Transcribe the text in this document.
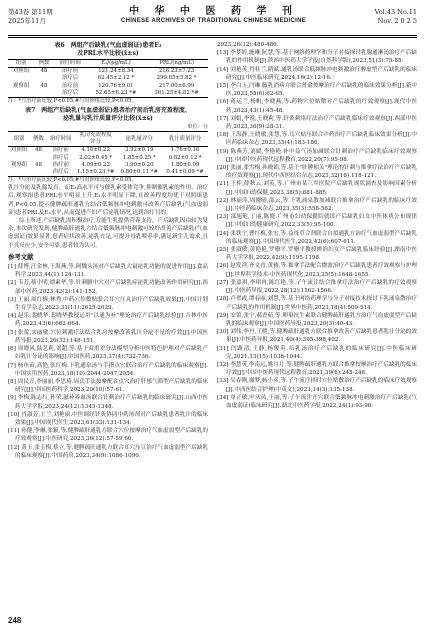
第43卷 第11期
2025年11月
中 华 中 医 药 学 刊
CHINESE ARCHIVES OF TRADITIONAL CHINESE MEDICINE
Vol.43 No.11
Nov. 2 0 2 5
表6　两组产后缺乳(气血虚弱证)患者E₂
及PRL水平比较(x̄±s)
组别	例数	治疗时间	E₂/(pg/mL)	PRL/(ng/mL)
对照组	48	治疗前	121.24±8.34	216.23±7.23
		治疗后	62.45±2.12 *	299.65±5.82 *
观察组	48	治疗前	120.76±9.01	217.00±6.99
		治疗后	52.65±6.23 *#	361.25±4.82 *#
注：*与治疗前比较,P<0.05;#与对照组比较,P<0.05。
表7　两组产后缺乳(气血虚弱证)患者治疗前后乳房充盈程度、
泌乳量与乳汁质量评分比较(x̄±s)
单位：分
组别	例数	治疗时间	乳房充盈程度评分	泌乳量评分	乳汁质量评分
对照组	48	治疗前	4.10±0.22	3.92±0.19	1.76±0.16
		治疗后	2.02±0.45 *	1.85±0.25 *	0.82±0.12 *
观察组	48	治疗前	4.09±0.23	3.90±0.20	1.80±0.09
		治疗后	1.15±0.23 *#	0.80±0.11 *#	0.41±0.09 *#
注：*与治疗前比较,P<0.05;#与对照组比较,P<0.05。

乳汁分泌及乳腺发育。而E₂高水平可与催乳素受体竞争,抑制催乳素的作用。治疗后,观察组患者PRL水平明显上升,E₂水平明显下降,且改善程度均优于对照组患者,P<0.05,提示健脾疏肝通乳方结合低频脉冲电刺激可改善产后缺乳(气血虚弱证)患者PRL及E₂水平,从而促进产妇产后泌乳情况,达到治疗目的。

综上所述,产后缺乳需积极治疗,方能生乳提供营养支持。产后缺乳因由较为复杂,本次研究发现,健脾疏肝通乳方结合低频脉冲电刺激可较好改善产后缺乳(气血虚弱证)效果显著,患者症状改善,泌乳充足,可提升母乳喂养率,满足新生儿需求,且不良反应少,安全可靠,患者较为认可。

参考文献

[1] 薛博,汪金林,王海燕,等.阿魏头汤对产后缺乳大鼠泌乳功能的促进作用[J].食品科学,2023,44(1):124-131.

[2] 韦芳,蔡小明,谭素华,等.针刺膻中穴对产后缺乳症泌乳功能改善作用研究[J].西部中医药,2023,42(2):141-152.

[3] 王丽,周红梅,林秀.中药穴位敷贴联合耳穴压丸治疗产后缺乳效果[J].中国计划生育学杂志,2023,31(11):2625-2629.

[4] 赵乐,裴晓华.裴晓华教授运用"以通为补"理论治疗产后缺乳经验[J].吉林中医药,2023,43(6):662-664.

[5] 张蕾,宋丽敏.穴位刺激疗法结合乳房按摩改善乳汁分泌不足的疗效[J].中国医药导报,2023,20(32):148-151.

[6] 周晓风,陆艺莉,刘超,等.基于双重差分法模型分析中医特色护理对产后缺乳产妇乳汁分泌的影响[J].中国医药,2023,37(4):732-736.

[7] 杨鱼苗,高艳,张红梅.下乳通泉汤与手指点穴联合治疗产后缺乳的临床观察[J].中国实用医药,2023,18(10):2044-2047,2054.

[8] 周民丑,李丽丽,李思琦.周氏手法按摩配合点穴治疗肝郁气滞型产后缺乳的临床研究[J].中国医药科学,2023,20(10):57-61.

[9] 李梅,陈志红,孙荣.滋补养血汤联合针刺治疗产后缺乳的临床研究[J].山西中医药大学学报,2023,24(12):1345-1348.

[10] 肖淑芳,王兰,刘艳丽.中医调经针灸协同中药汤剂对产后缺乳患者乳汁的临床效果[J].中国现代医生,2023,61(33):131-134.

[11] 孙健,李琳,张颖,等.健脾疏肝通乳方联合穴位按摩治疗气血虚弱型产后缺乳的疗效观察[J].中医研究,2023,36(12):57-59,66.

[12] 黄玉,张玉梅,蔡立,等.健脾疏肝通乳方联合耳穴压豆治疗气血虚弱型产后缺乳的临床观察[J].中国药房,2023,34(9):1086-1090.

2023,26(12):480-486.

[13] 李梦婷,施琳,阮慧,等.基于网络药理学和分子对接探讨乳腺通淋汤治疗产后缺乳的作用机制[J].陕西中医药大学学报(自然科学版),2023,51(3):75-85.

[14] 刘艳英,肖桂兰,隋斌.通乳汤联合低频脉冲电刺激治疗脾虚型产后缺乳的临床研究[J].中医临床研究,2024,16(2):12-16.

[15] 李白玉,闫琳.腋乳消病方联合肾俞按摩治疗产后缺乳的临床效果分析[J].新中医,2023,55(6):62-65.

[16] 蒋运兰,杨帆,李晓燕,等.药物穴位贴敷对产后缺乳的疗效观察[J].现代中医药,2023,43(1):45-48.

[17] 刘娟,李锐,王晓莉,等.针灸刺络疗法治疗产后缺乳临床疗效观察[J].西部中医药,2023,36(9):28-31.

[18] 王海静,王晓敏,张慧,等.耳穴贴压联合中药治疗产后缺乳临床效果分析[J].中医药临床杂志,2023,35(4):183-186.

[19] 陈燕芳,刘媛,李艳艳.补中益气汤加减联合针刺治疗产后缺乳临床疗效观察[J].中国中医药现代远程教育,2022,20(7):95-98.

[20] 张丽,张雪梅,孙晓娟,等.基于"肝脾相关"理论的针刺与推拿疗法治疗产后缺乳的疗效观察[J].现代中西医结合杂志,2023,32(18):118-121.

[21] 王桂,薛秋云,刘英,等.广州市某三甲医院产后缺乳现状调查及影响因素分析[J].中国妇幼保健,2023,38(5):881-885.

[22] 林丽萍,周晓晴,邵云,等.下乳涌泉散加减联合推拿治疗产后缺乳的临床疗效[J].中医药临床杂志,2023,35(3):558-562.

[23] 邵旭艳,丁丽,陈晓.广州市妇幼保健院就诊产后缺乳妇女中医体质分布规律[J].中国妇幼健康研究,2022,33(5):95-100.

[24] 张铁宁,曹红梅,张宏,等.益母草合剂联合自拟通乳方治疗气血虚弱型产后缺乳的临床观察[J].中国现代医生,2022,42(6):607-611.

[25] 张淑敏,黄艳艳,罗珊平.罗珊平教授辨治妇女产后缺乳临床经验[J].湖南中医药大学学报,2022,42(9):1195-1198.

[26] 赵发祥,齐文青,黄雅,等.推拿手法配合微波治疗产后缺乳患者疗效观察与护理[J].世界科学技术-中医药现代化,2023,25(5):1648-1655.

[27] 张嘉琪,李珺冉,陈红艳,等.子午流注结合推拿疗法治疗产后缺乳的疗效观察[J].中医药导报,2022,28(12):1562-1566.

[28] 卢翠霞,谭春丽,刘慧,等.基于网络药理学与分子对接技术探讨下乳涌泉散治疗产后缺乳的作用机制[J].世界中医药,2023,18(4):509-514.

[29] 安蕾,张宁,郝香茹,等.卵巢抗生素联合健脾疏肝通乳方治疗气血虚弱型产后缺乳的临床观察[J].中国医药导报,2023,20(3):40-43.

[30] 刘伟,李丹,王晓,等.健脾疏肝通乳方联合推拿改善产后缺乳患者乳汁分泌的效果[J].中医药导报,2021,40(4):395-398,402.

[31] 闫路清,王静,杨俊英.培乳汤治疗产后缺乳的临床研究[J].中医临床研究,2021,13(15):1036-1044.

[32] 李慧英,李南远,姚月月,等.健脾疏肝通乳方联合推拿按摩治疗产后缺乳的临床疗效[J].中国中医药现代远程教育,2021,39(6):245-248.

[33] 吴春俐,谢梦,杨小彦,等.子午流注择时穴位贴敷治疗产后缺乳的临床疗效观察[J].中西医结合护理(中英文),2023,14(3):135-138.

[34] 单正敏,叶庆凤,王丽,等.子午流注开穴联合低频脉冲电刺激治疗产后缺乳(气血虚弱证)临床研究[J].湖北中医药学报,2022,24(1):93-96.

248
